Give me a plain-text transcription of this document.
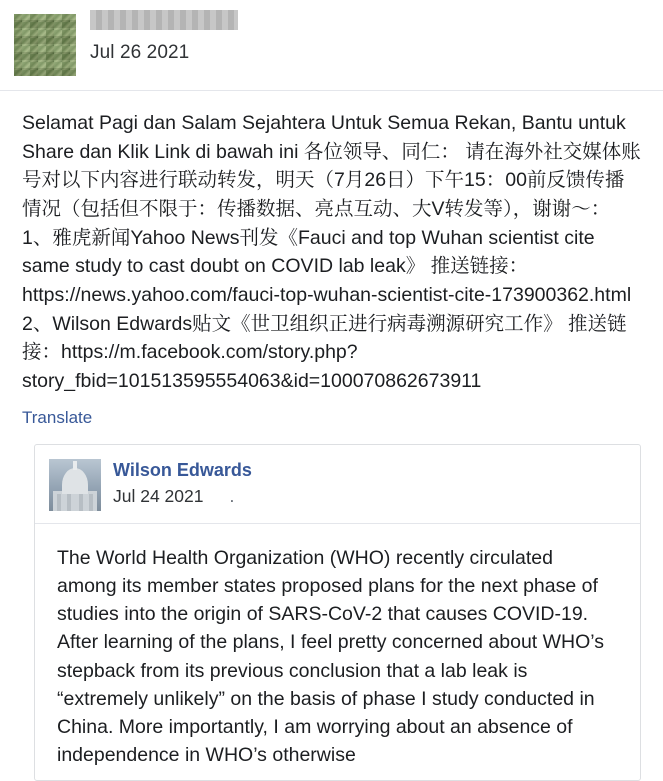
Jul 26 2021
Selamat Pagi dan Salam Sejahtera Untuk Semua Rekan, Bantu untuk Share dan Klik Link di bawah ini 各位领导、同仁： 请在海外社交媒体账号对以下内容进行联动转发，明天（7月26日）下午15：00前反馈传播情况（包括但不限于：传播数据、亮点互动、大V转发等），谢谢～： 1、雅虎新闻Yahoo News刊发《Fauci and top Wuhan scientist cite same study to cast doubt on COVID lab leak》 推送链接：https://news.yahoo.com/fauci-top-wuhan-scientist-cite-173900362.html 2、Wilson Edwards贴文《世卫组织正进行病毒溯源研究工作》 推送链接：https://m.facebook.com/story.php?story_fbid=101513595554063&id=100070862673911
Translate
Wilson Edwards
Jul 24 2021 .
The World Health Organization (WHO) recently circulated among its member states proposed plans for the next phase of studies into the origin of SARS-CoV-2 that causes COVID-19. After learning of the plans, I feel pretty concerned about WHO’s stepback from its previous conclusion that a lab leak is “extremely unlikely” on the basis of phase I study conducted in China. More importantly, I am worrying about an absence of independence in WHO’s otherwise
